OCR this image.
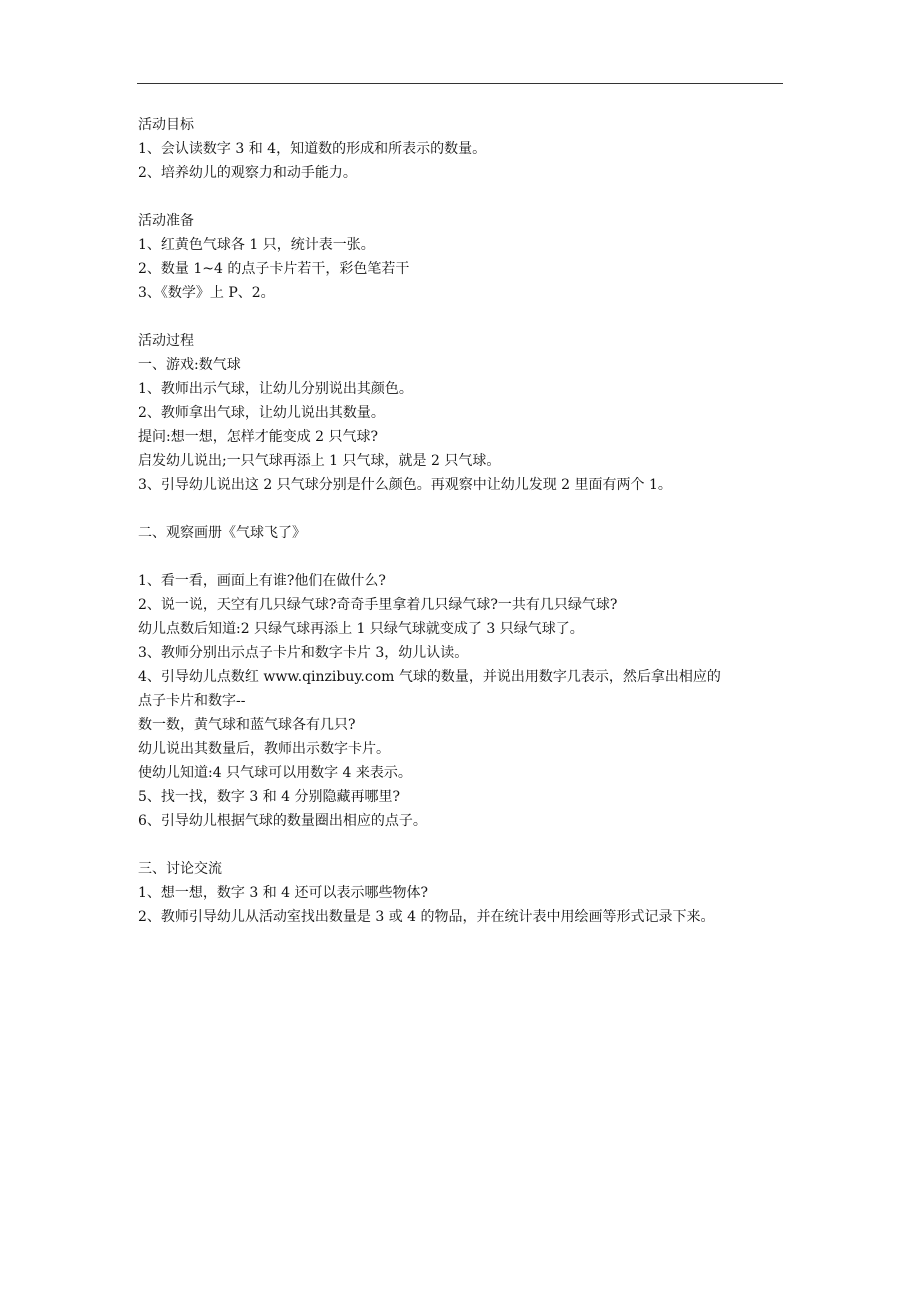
活动目标
1、会认读数字 3 和 4，知道数的形成和所表示的数量。
2、培养幼儿的观察力和动手能力。
活动准备
1、红黄色气球各 1 只，统计表一张。
2、数量 1~4 的点子卡片若干，彩色笔若干
3、《数学》上 P、2。
活动过程
一、游戏:数气球
1、教师出示气球，让幼儿分别说出其颜色。
2、教师拿出气球，让幼儿说出其数量。
提问:想一想，怎样才能变成 2 只气球?
启发幼儿说出;一只气球再添上 1 只气球，就是 2 只气球。
3、引导幼儿说出这 2 只气球分别是什么颜色。再观察中让幼儿发现 2 里面有两个 1。
二、观察画册《气球飞了》
1、看一看，画面上有谁?他们在做什么?
2、说一说，天空有几只绿气球?奇奇手里拿着几只绿气球?一共有几只绿气球?
幼儿点数后知道:2 只绿气球再添上 1 只绿气球就变成了 3 只绿气球了。
3、教师分别出示点子卡片和数字卡片 3，幼儿认读。
4、引导幼儿点数红 www.qinzibuy.com 气球的数量，并说出用数字几表示，然后拿出相应的
点子卡片和数字--
数一数，黄气球和蓝气球各有几只?
幼儿说出其数量后，教师出示数字卡片。
使幼儿知道:4 只气球可以用数字 4 来表示。
5、找一找，数字 3 和 4 分别隐藏再哪里?
6、引导幼儿根据气球的数量圈出相应的点子。
三、讨论交流
1、想一想，数字 3 和 4 还可以表示哪些物体?
2、教师引导幼儿从活动室找出数量是 3 或 4 的物品，并在统计表中用绘画等形式记录下来。
